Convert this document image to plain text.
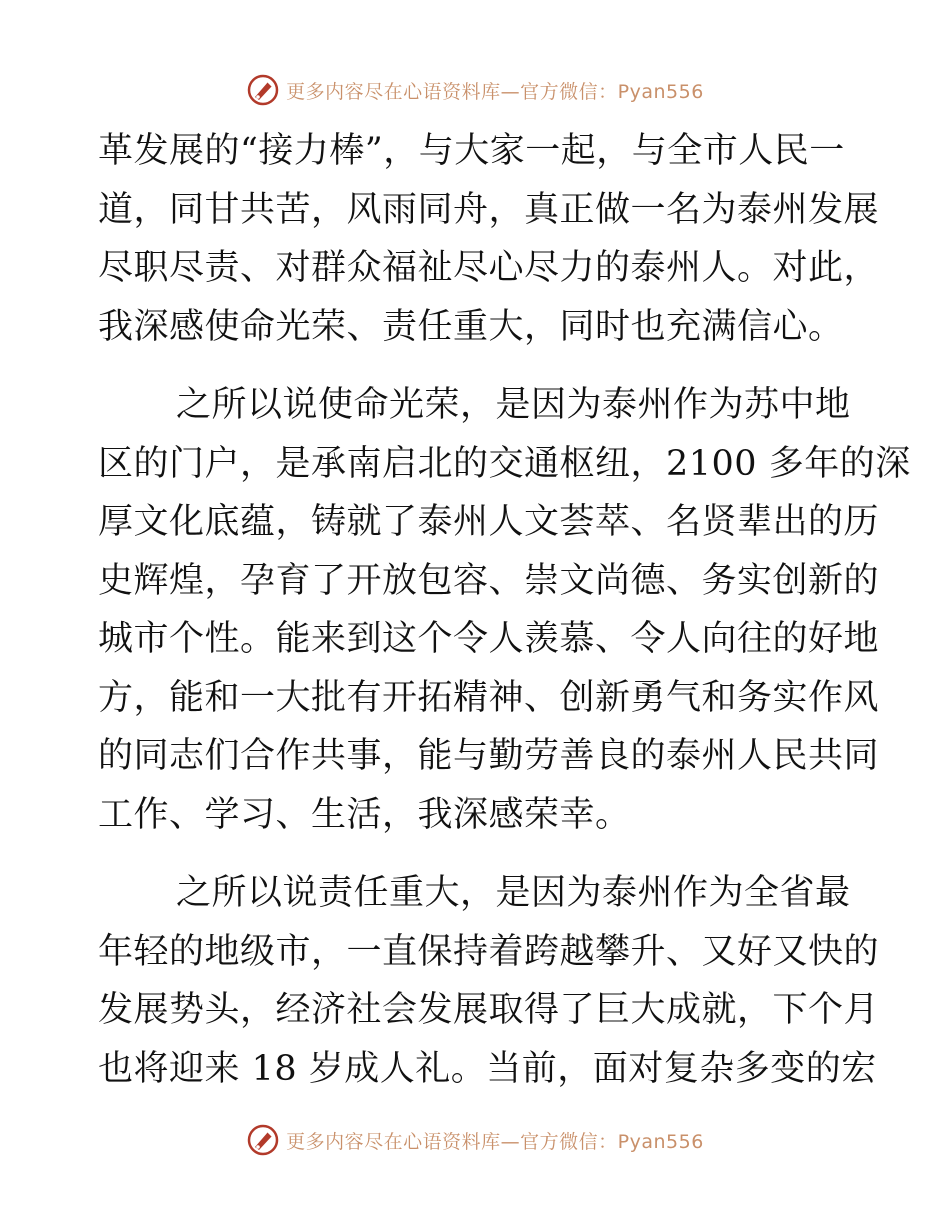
更多内容尽在心语资料库—官方微信：Pyan556
革发展的“接力棒”，与大家一起，与全市人民一
道，同甘共苦，风雨同舟，真正做一名为泰州发展
尽职尽责、对群众福祉尽心尽力的泰州人。对此，
我深感使命光荣、责任重大，同时也充满信心。
之所以说使命光荣，是因为泰州作为苏中地
区的门户，是承南启北的交通枢纽，2100 多年的深
厚文化底蕴，铸就了泰州人文荟萃、名贤辈出的历
史辉煌，孕育了开放包容、崇文尚德、务实创新的
城市个性。能来到这个令人羡慕、令人向往的好地
方，能和一大批有开拓精神、创新勇气和务实作风
的同志们合作共事，能与勤劳善良的泰州人民共同
工作、学习、生活，我深感荣幸。
之所以说责任重大，是因为泰州作为全省最
年轻的地级市，一直保持着跨越攀升、又好又快的
发展势头，经济社会发展取得了巨大成就，下个月
也将迎来 18 岁成人礼。当前，面对复杂多变的宏
更多内容尽在心语资料库—官方微信：Pyan556
